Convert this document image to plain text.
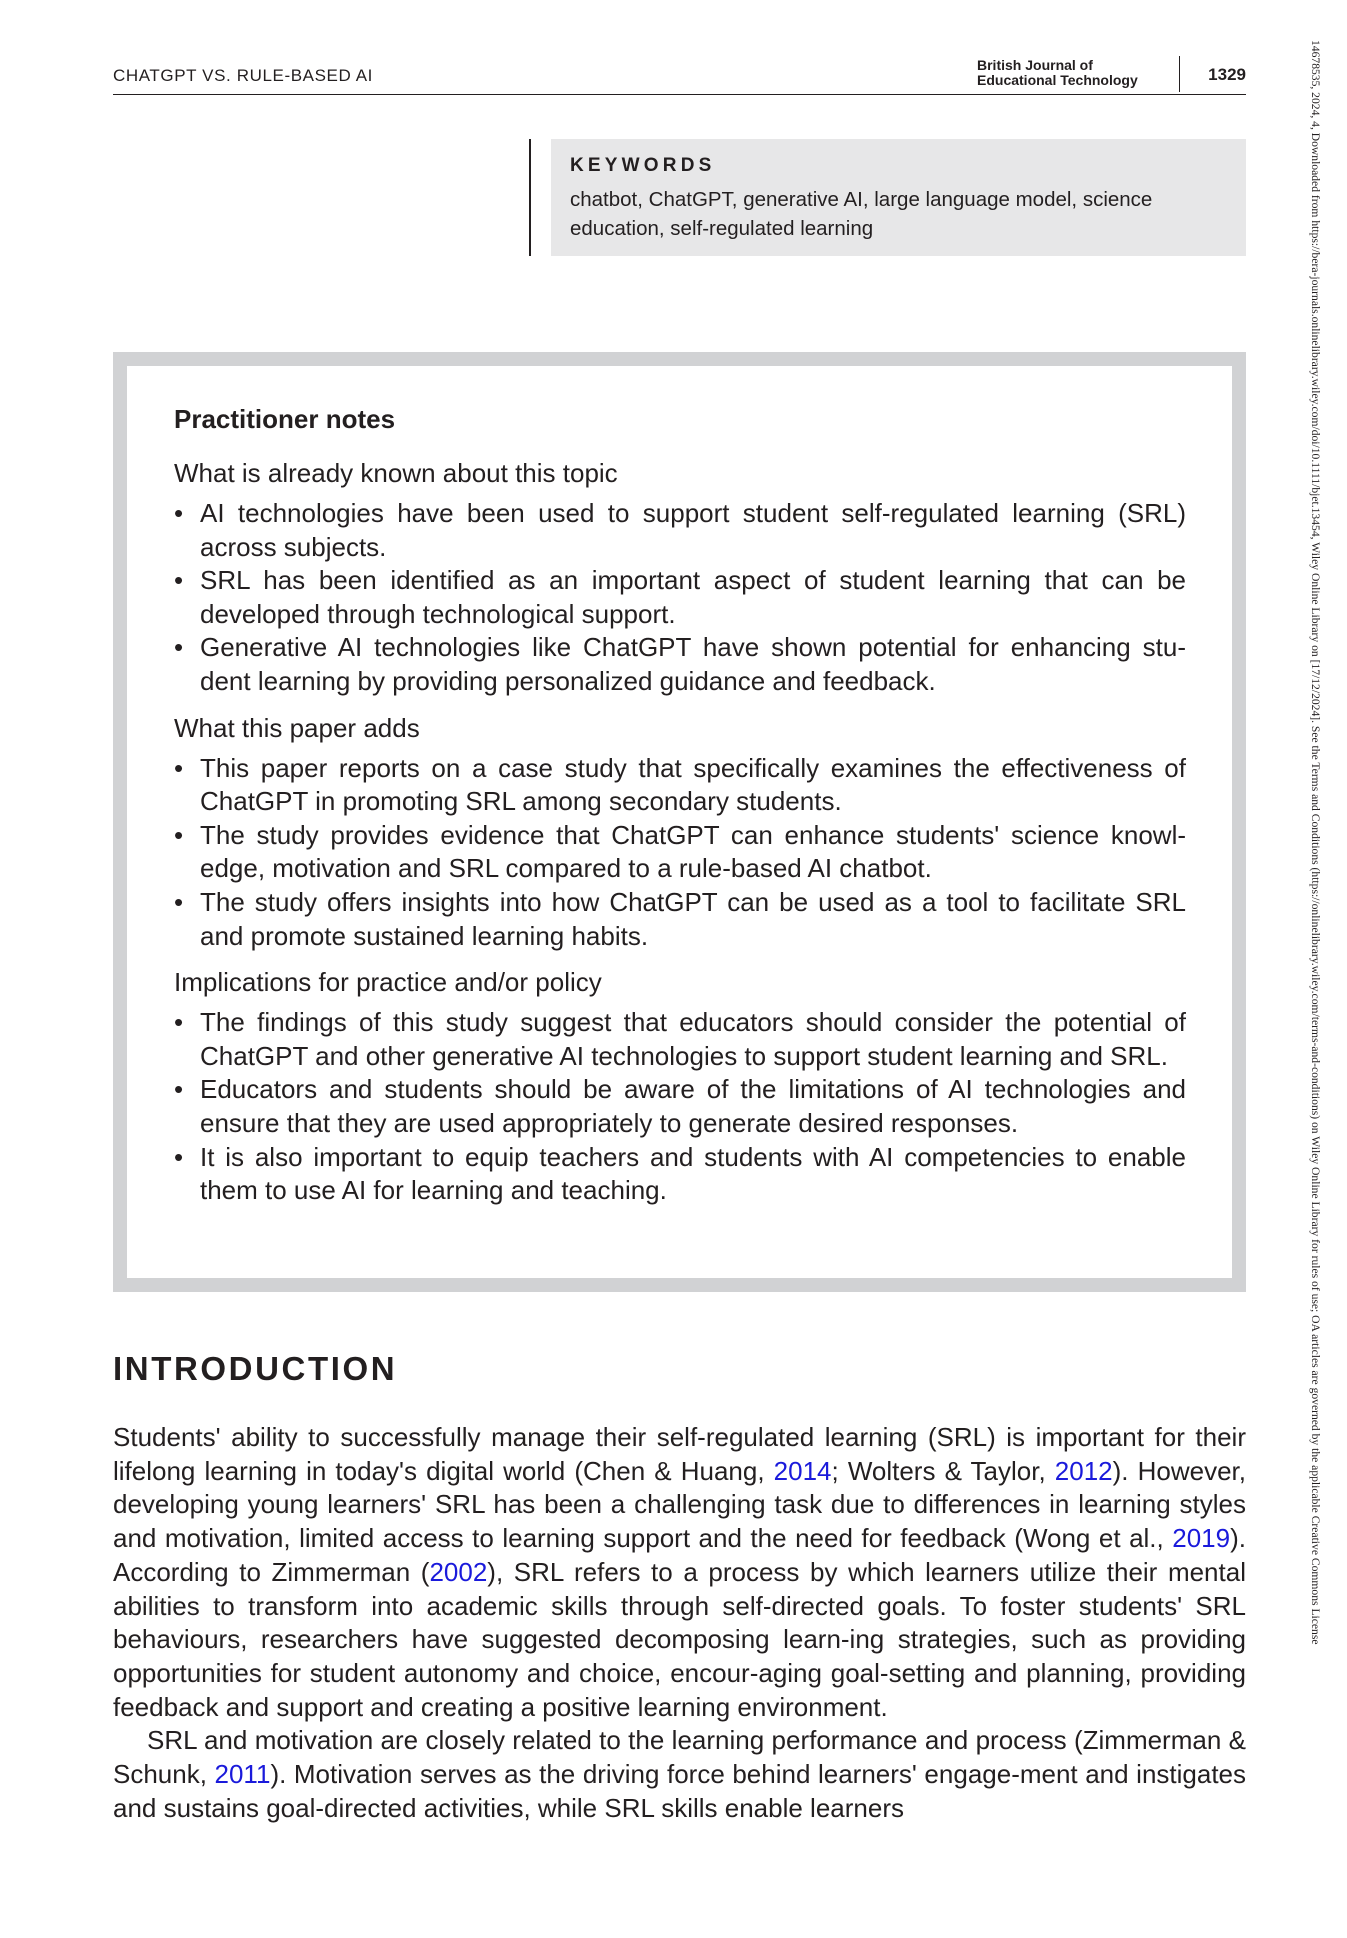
CHATGPT VS. RULE-BASED AI
British Journal of
Educational Technology	1329	14678535, 2024, 4, Downloaded from https://bera-journals.onlinelibrary.wiley.com/doi/10.1111/bjet.13454, Wiley Online Library on [17/12/2024]. See the Terms and Conditions (https://onlinelibrary.wiley.com/terms-and-conditions) on Wiley Online Library for rules of use; OA articles are governed by the applicable Creative Commons License
KEYWORDS
chatbot, ChatGPT, generative AI, large language model, science education, self-regulated learning
Practitioner notes
What is already known about this topic
• AI technologies have been used to support student self-regulated learning (SRL) across subjects.
• SRL has been identified as an important aspect of student learning that can be developed through technological support.
• Generative AI technologies like ChatGPT have shown potential for enhancing stu-dent learning by providing personalized guidance and feedback.
What this paper adds
• This paper reports on a case study that specifically examines the effectiveness of ChatGPT in promoting SRL among secondary students.
• The study provides evidence that ChatGPT can enhance students' science knowl-edge, motivation and SRL compared to a rule-based AI chatbot.
• The study offers insights into how ChatGPT can be used as a tool to facilitate SRL and promote sustained learning habits.
Implications for practice and/or policy
• The findings of this study suggest that educators should consider the potential of ChatGPT and other generative AI technologies to support student learning and SRL.
• Educators and students should be aware of the limitations of AI technologies and ensure that they are used appropriately to generate desired responses.
• It is also important to equip teachers and students with AI competencies to enable them to use AI for learning and teaching.
INTRODUCTION

Students' ability to successfully manage their self-regulated learning (SRL) is important for their lifelong learning in today's digital world (Chen & Huang, 2014; Wolters & Taylor, 2012). However, developing young learners' SRL has been a challenging task due to differences in learning styles and motivation, limited access to learning support and the need for feedback (Wong et al., 2019). According to Zimmerman (2002), SRL refers to a process by which learners utilize their mental abilities to transform into academic skills through self-directed goals. To foster students' SRL behaviours, researchers have suggested decomposing learn-ing strategies, such as providing opportunities for student autonomy and choice, encour-aging goal-setting and planning, providing feedback and support and creating a positive learning environment.

SRL and motivation are closely related to the learning performance and process (Zimmerman & Schunk, 2011). Motivation serves as the driving force behind learners' engage-ment and instigates and sustains goal-directed activities, while SRL skills enable learners
